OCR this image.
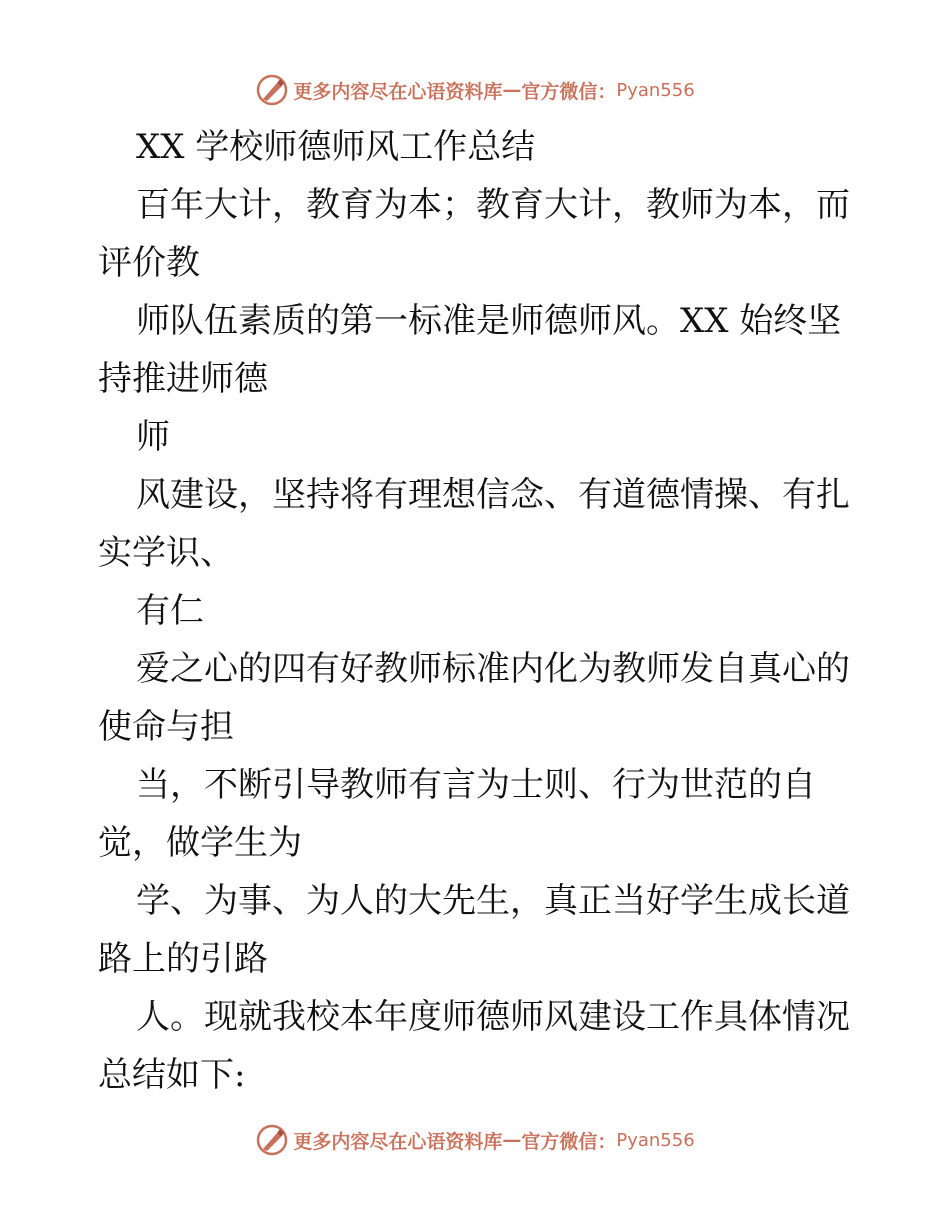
更多内容尽在心语资料库 — 官方微信： Pyan556
XX 学校师德师风工作总结
百年大计，教育为本；教育大计，教师为本，而
评价教
师队伍素质的第一标准是师德师风。XX 始终坚
持推进师德
师
风建设，坚持将有理想信念、有道德情操、有扎
实学识、
有仁
爱之心的四有好教师标准内化为教师发自真心的
使命与担
当，不断引导教师有言为士则、行为世范的自
觉，做学生为
学、为事、为人的大先生，真正当好学生成长道
路上的引路
人。现就我校本年度师德师风建设工作具体情况
总结如下:
更多内容尽在心语资料库 — 官方微信： Pyan556
